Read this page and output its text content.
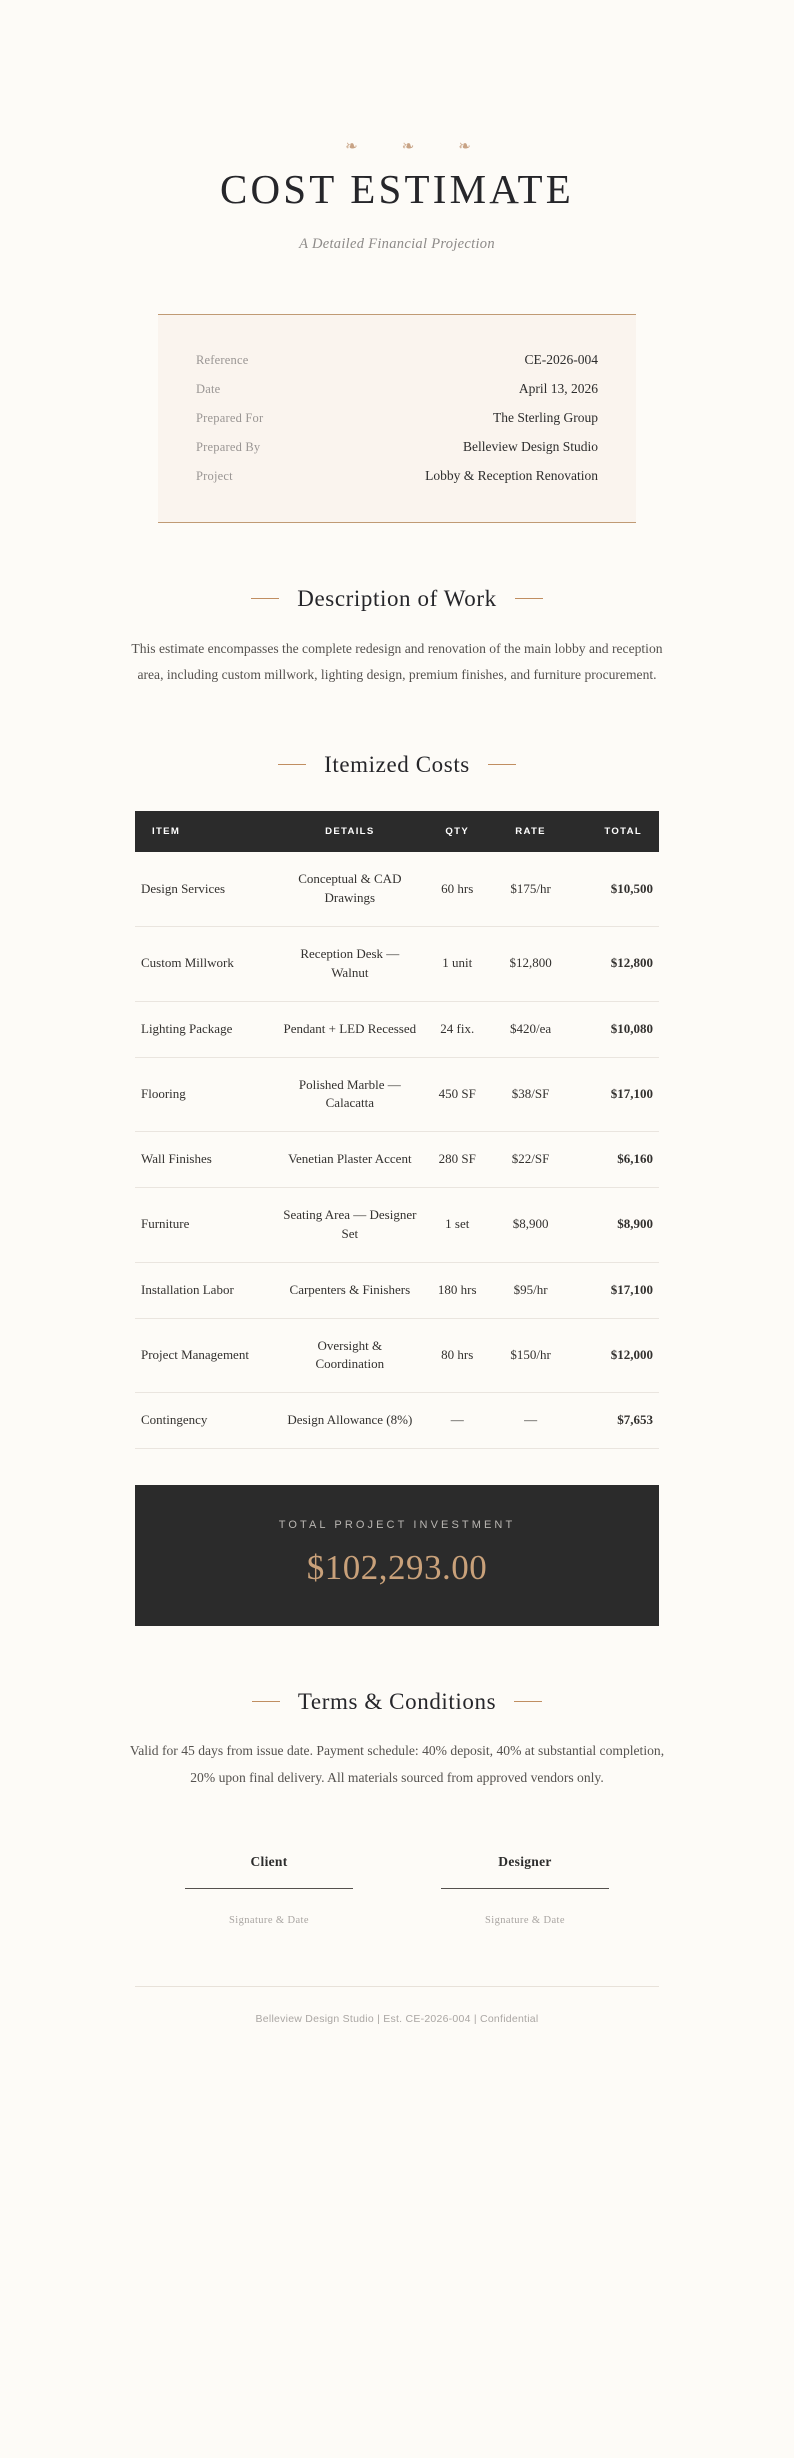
❧ ❧ ❧
COST ESTIMATE
A Detailed Financial Projection
Reference	CE-2026-004
Date	April 13, 2026
Prepared For	The Sterling Group
Prepared By	Belleview Design Studio
Project	Lobby & Reception Renovation
Description of Work

This estimate encompasses the complete redesign and renovation of the main lobby and reception area, including custom millwork, lighting design, premium finishes, and furniture procurement.

Itemized Costs
ITEM	DETAILS	QTY	RATE	TOTAL
Design Services	Conceptual & CAD Drawings	60 hrs	$175/hr	$10,500
Custom Millwork	Reception Desk — Walnut	1 unit	$12,800	$12,800
Lighting Package	Pendant + LED Recessed	24 fix.	$420/ea	$10,080
Flooring	Polished Marble — Calacatta	450 SF	$38/SF	$17,100
Wall Finishes	Venetian Plaster Accent	280 SF	$22/SF	$6,160
Furniture	Seating Area — Designer Set	1 set	$8,900	$8,900
Installation Labor	Carpenters & Finishers	180 hrs	$95/hr	$17,100
Project Management	Oversight & Coordination	80 hrs	$150/hr	$12,000
Contingency	Design Allowance (8%)	—	—	$7,653
TOTAL PROJECT INVESTMENT
$102,293.00
Terms & Conditions

Valid for 45 days from issue date. Payment schedule: 40% deposit, 40% at substantial completion, 20% upon final delivery. All materials sourced from approved vendors only.

Client
Signature & Date
Designer
Signature & Date
Belleview Design Studio | Est. CE-2026-004 | Confidential
